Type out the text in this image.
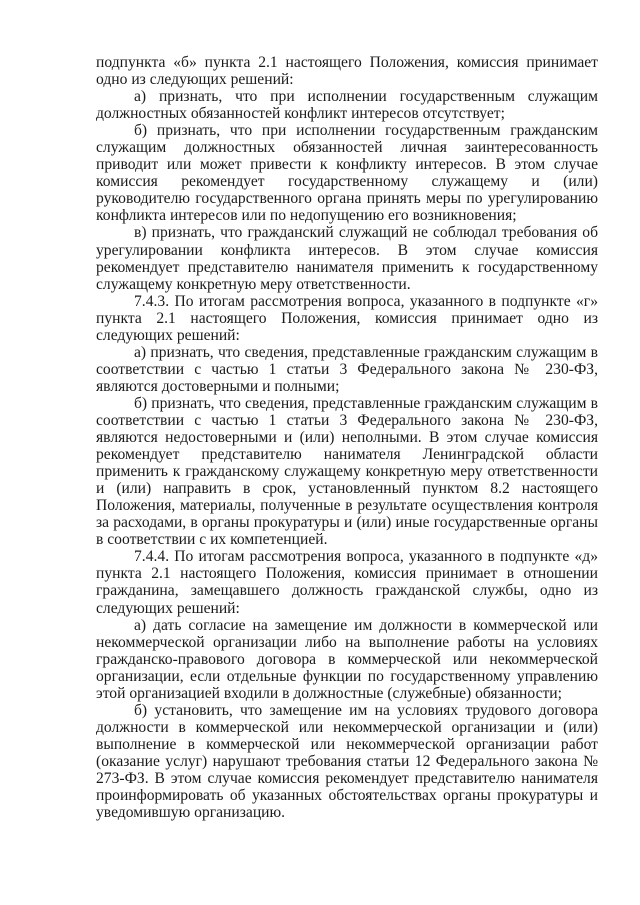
подпункта «б» пункта 2.1 настоящего Положения, комиссия принимает одно из следующих решений:

а) признать, что при исполнении государственным служащим должностных обязанностей конфликт интересов отсутствует;

б) признать, что при исполнении государственным гражданским служащим должностных обязанностей личная заинтересованность приводит или может привести к конфликту интересов. В этом случае комиссия рекомендует государственному служащему и (или) руководителю государственного органа принять меры по урегулированию конфликта интересов или по недопущению его возникновения;

в) признать, что гражданский служащий не соблюдал требования об урегулировании конфликта интересов. В этом случае комиссия рекомендует представителю нанимателя применить к государственному служащему конкретную меру ответственности.

7.4.3. По итогам рассмотрения вопроса, указанного в подпункте «г» пункта 2.1 настоящего Положения, комиссия принимает одно из следующих решений:

а) признать, что сведения, представленные гражданским служащим в соответствии с частью 1 статьи 3 Федерального закона № 230-ФЗ, являются достоверными и полными;

б) признать, что сведения, представленные гражданским служащим в соответствии с частью 1 статьи 3 Федерального закона № 230-ФЗ, являются недостоверными и (или) неполными. В этом случае комиссия рекомендует представителю нанимателя Ленинградской области применить к гражданскому служащему конкретную меру ответственности и (или) направить в срок, установленный пунктом 8.2 настоящего Положения, материалы, полученные в результате осуществления контроля за расходами, в органы прокуратуры и (или) иные государственные органы в соответствии с их компетенцией.

7.4.4. По итогам рассмотрения вопроса, указанного в подпункте «д» пункта 2.1 настоящего Положения, комиссия принимает в отношении гражданина, замещавшего должность гражданской службы, одно из следующих решений:

а) дать согласие на замещение им должности в коммерческой или некоммерческой организации либо на выполнение работы на условиях гражданско-правового договора в коммерческой или некоммерческой организации, если отдельные функции по государственному управлению этой организацией входили в должностные (служебные) обязанности;

б) установить, что замещение им на условиях трудового договора должности в коммерческой или некоммерческой организации и (или) выполнение в коммерческой или некоммерческой организации работ (оказание услуг) нарушают требования статьи 12 Федерального закона № 273-ФЗ. В этом случае комиссия рекомендует представителю нанимателя проинформировать об указанных обстоятельствах органы прокуратуры и уведомившую организацию.
